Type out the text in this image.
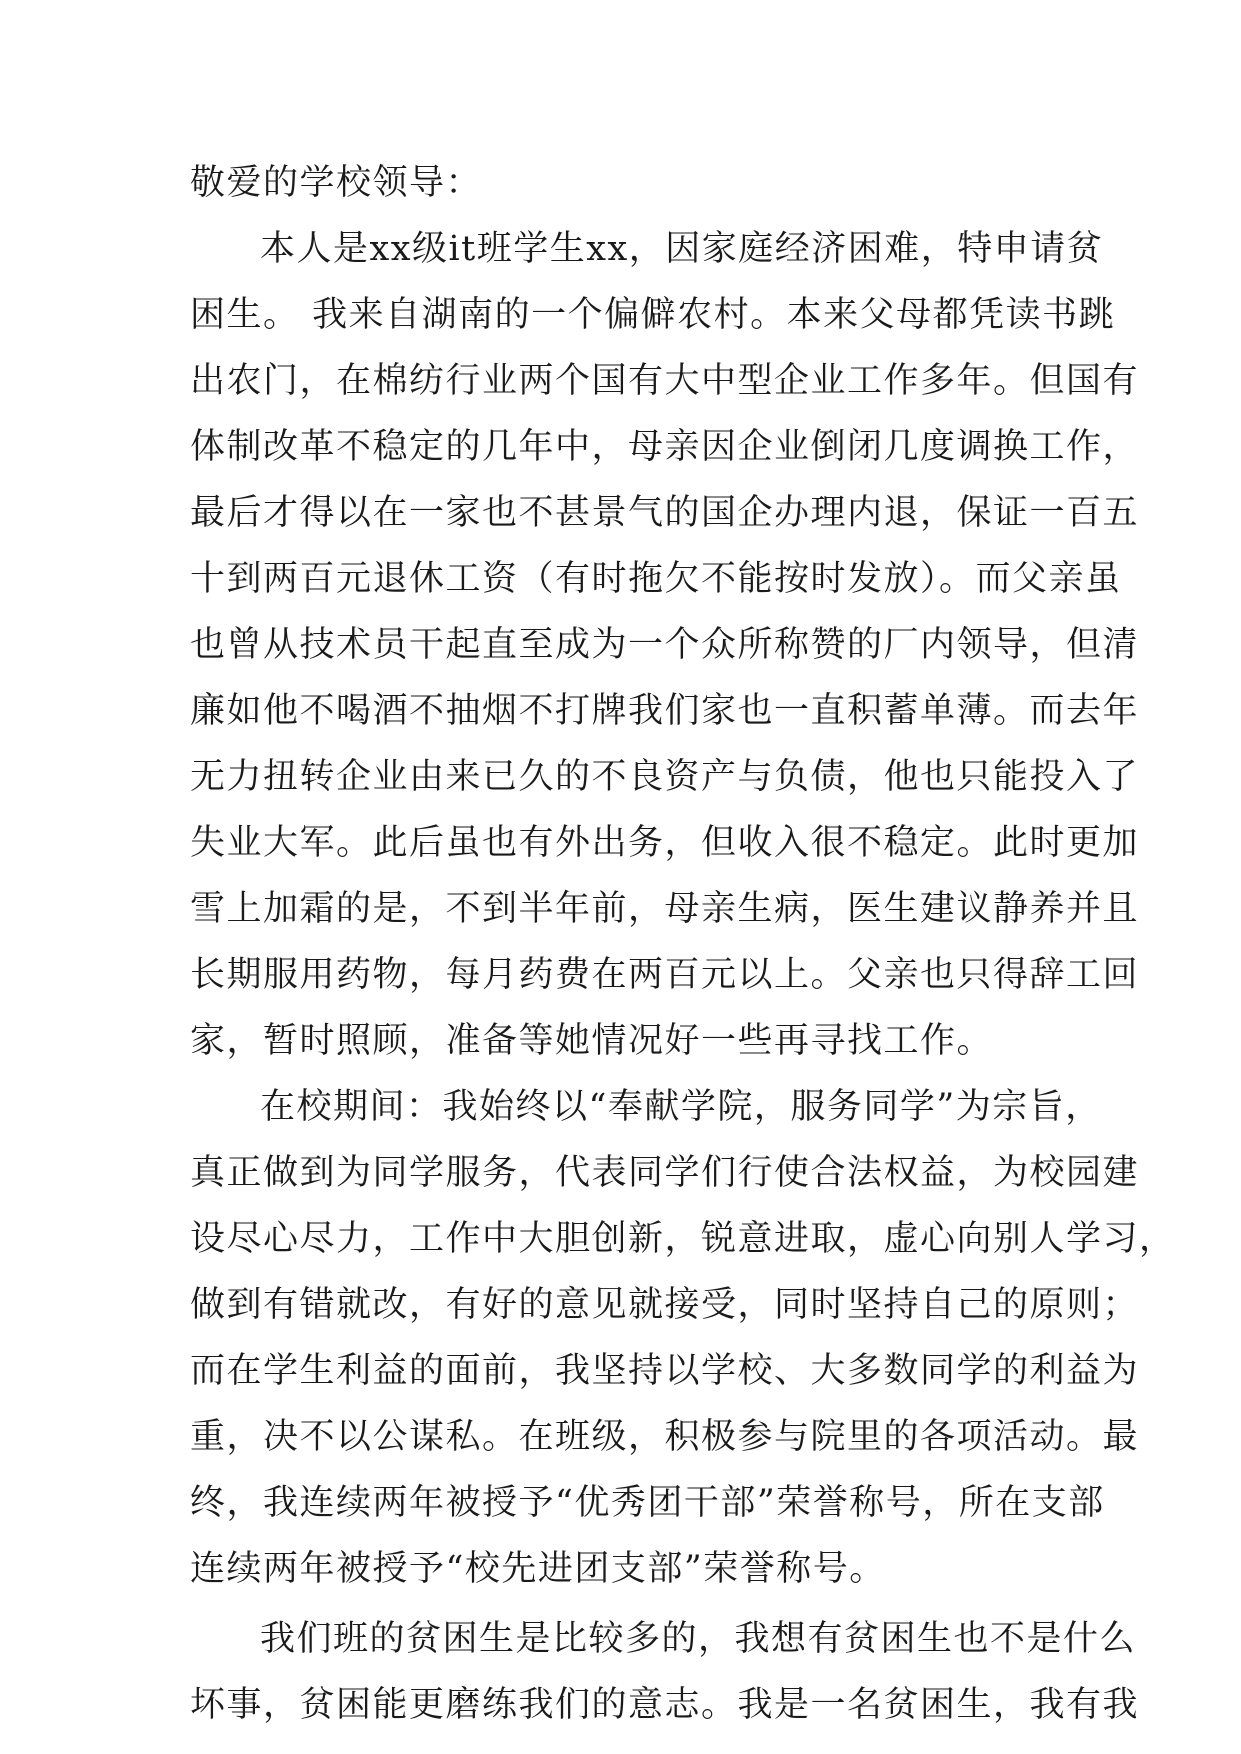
敬爱的学校领导：
本人是xx级it班学生xx，因家庭经济困难，特申请贫
困生。 我来自湖南的一个偏僻农村。本来父母都凭读书跳
出农门，在棉纺行业两个国有大中型企业工作多年。但国有
体制改革不稳定的几年中，母亲因企业倒闭几度调换工作，
最后才得以在一家也不甚景气的国企办理内退，保证一百五
十到两百元退休工资（有时拖欠不能按时发放）。而父亲虽
也曾从技术员干起直至成为一个众所称赞的厂内领导，但清
廉如他不喝酒不抽烟不打牌我们家也一直积蓄单薄。而去年
无力扭转企业由来已久的不良资产与负债，他也只能投入了
失业大军。此后虽也有外出务，但收入很不稳定。此时更加
雪上加霜的是，不到半年前，母亲生病，医生建议静养并且
长期服用药物，每月药费在两百元以上。父亲也只得辞工回
家，暂时照顾，准备等她情况好一些再寻找工作。
在校期间：我始终以“奉献学院，服务同学”为宗旨，
真正做到为同学服务，代表同学们行使合法权益，为校园建
设尽心尽力，工作中大胆创新，锐意进取，虚心向别人学习，
做到有错就改，有好的意见就接受，同时坚持自己的原则；
而在学生利益的面前，我坚持以学校、大多数同学的利益为
重，决不以公谋私。在班级，积极参与院里的各项活动。最
终，我连续两年被授予“优秀团干部”荣誉称号，所在支部
连续两年被授予“校先进团支部”荣誉称号。
我们班的贫困生是比较多的，我想有贫困生也不是什么
坏事，贫困能更磨练我们的意志。我是一名贫困生，我有我
